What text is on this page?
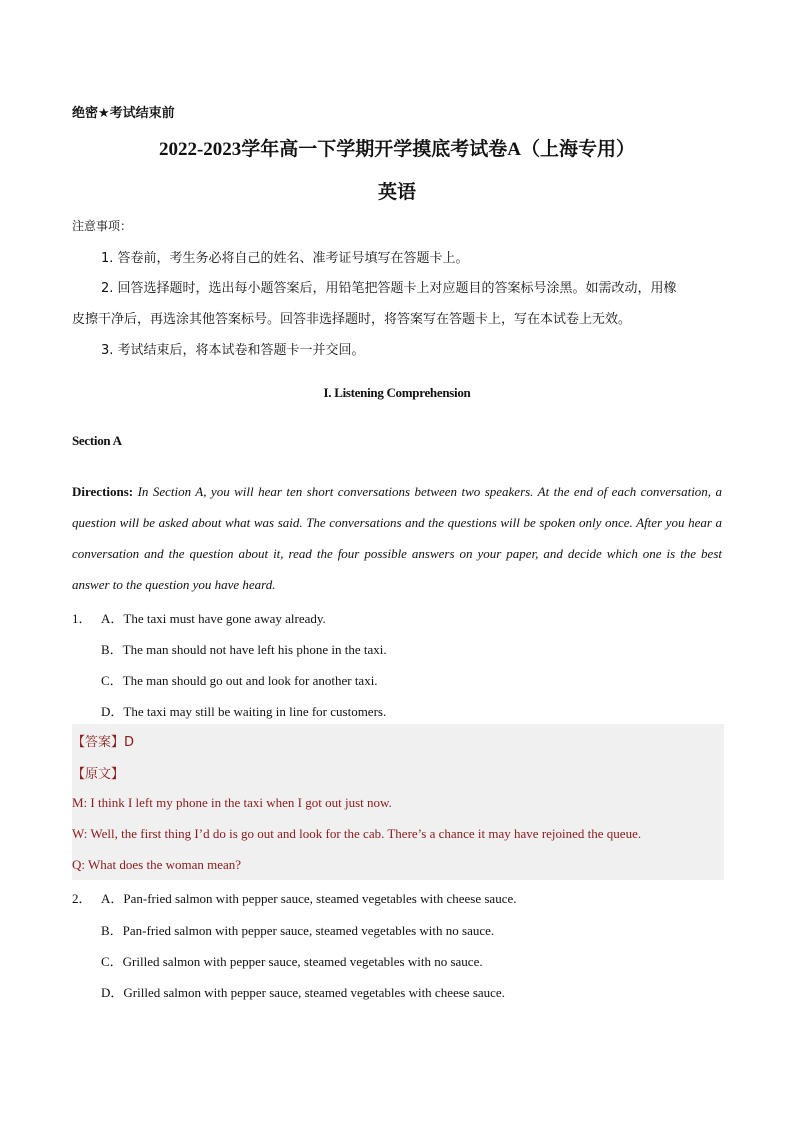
绝密★考试结束前
2022-2023学年高一下学期开学摸底考试卷A（上海专用）
英语
注意事项：
1. 答卷前，考生务必将自己的姓名、准考证号填写在答题卡上。
2. 回答选择题时，选出每小题答案后，用铅笔把答题卡上对应题目的答案标号涂黑。如需改动，用橡
皮擦干净后，再选涂其他答案标号。回答非选择题时，将答案写在答题卡上，写在本试卷上无效。
3. 考试结束后，将本试卷和答题卡一并交回。
I. Listening Comprehension
Section A
Directions: In Section A, you will hear ten short conversations between two speakers. At the end of each conversation, a question will be asked about what was said. The conversations and the questions will be spoken only once. After you hear a conversation and the question about it, read the four possible answers on your paper, and decide which one is the best answer to the question you have heard.
1． A．The taxi must have gone away already.
B．The man should not have left his phone in the taxi.
C．The man should go out and look for another taxi.
D．The taxi may still be waiting in line for customers.
【答案】D
【原文】
M: I think I left my phone in the taxi when I got out just now.
W: Well, the first thing I’d do is go out and look for the cab. There’s a chance it may have rejoined the queue.
Q: What does the woman mean?
2． A．Pan-fried salmon with pepper sauce, steamed vegetables with cheese sauce.
B．Pan-fried salmon with pepper sauce, steamed vegetables with no sauce.
C．Grilled salmon with pepper sauce, steamed vegetables with no sauce.
D．Grilled salmon with pepper sauce, steamed vegetables with cheese sauce.
